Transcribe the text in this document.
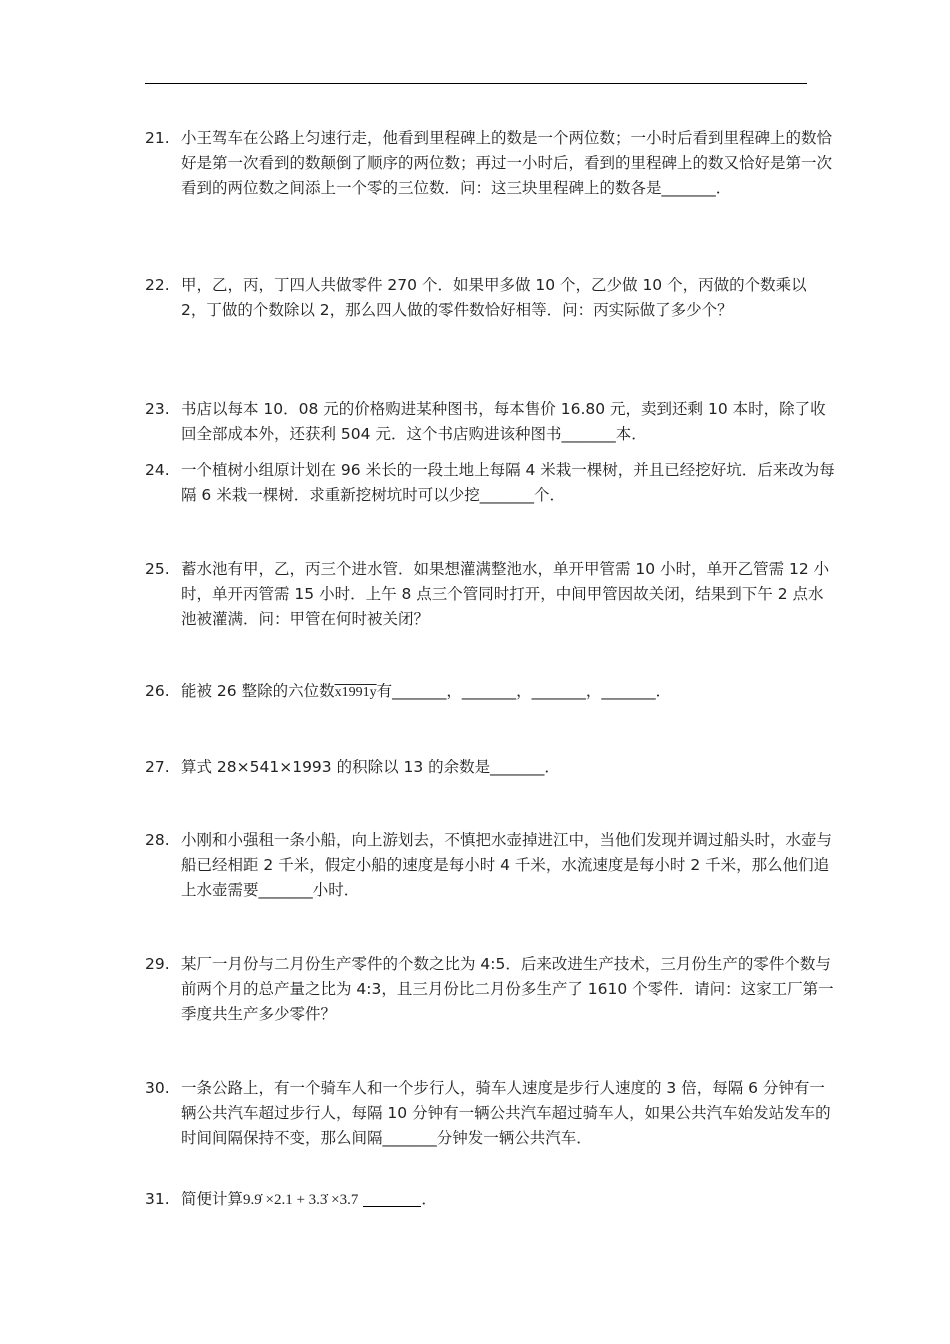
21. 小王驾车在公路上匀速行走，他看到里程碑上的数是一个两位数；一小时后看到里程碑上的数恰好是第一次看到的数颠倒了顺序的两位数；再过一小时后，看到的里程碑上的数又恰好是第一次看到的两位数之间添上一个零的三位数．问：这三块里程碑上的数各是_______．
22. 甲，乙，丙，丁四人共做零件 270 个．如果甲多做 10 个，乙少做 10 个，丙做的个数乘以 2，丁做的个数除以 2，那么四人做的零件数恰好相等．问：丙实际做了多少个？
23. 书店以每本 10．08 元的价格购进某种图书，每本售价 16.80 元，卖到还剩 10 本时，除了收回全部成本外，还获利 504 元．这个书店购进该种图书_______本．
24. 一个植树小组原计划在 96 米长的一段土地上每隔 4 米栽一棵树，并且已经挖好坑．后来改为每隔 6 米栽一棵树．求重新挖树坑时可以少挖_______个．
25. 蓄水池有甲，乙，丙三个进水管．如果想灌满整池水，单开甲管需 10 小时，单开乙管需 12 小时，单开丙管需 15 小时．上午 8 点三个管同时打开，中间甲管因故关闭，结果到下午 2 点水池被灌满．问：甲管在何时被关闭？
26. 能被 26 整除的六位数x1991y有_______，_______，_______，_______．
27. 算式 28×541×1993 的积除以 13 的余数是_______．
28. 小刚和小强租一条小船，向上游划去，不慎把水壶掉进江中，当他们发现并调过船头时，水壶与船已经相距 2 千米，假定小船的速度是每小时 4 千米，水流速度是每小时 2 千米，那么他们追上水壶需要_______小时．
29. 某厂一月份与二月份生产零件的个数之比为 4:5．后来改进生产技术，三月份生产的零件个数与前两个月的总产量之比为 4:3，且三月份比二月份多生产了 1610 个零件．请问：这家工厂第一季度共生产多少零件？
30. 一条公路上，有一个骑车人和一个步行人，骑车人速度是步行人速度的 3 倍，每隔 6 分钟有一辆公共汽车超过步行人，每隔 10 分钟有一辆公共汽车超过骑车人，如果公共汽车始发站发车的时间间隔保持不变，那么间隔_______分钟发一辆公共汽车．
31. 简便计算9.9̇ ×2.1 + 3.3̇ ×3.7	．
